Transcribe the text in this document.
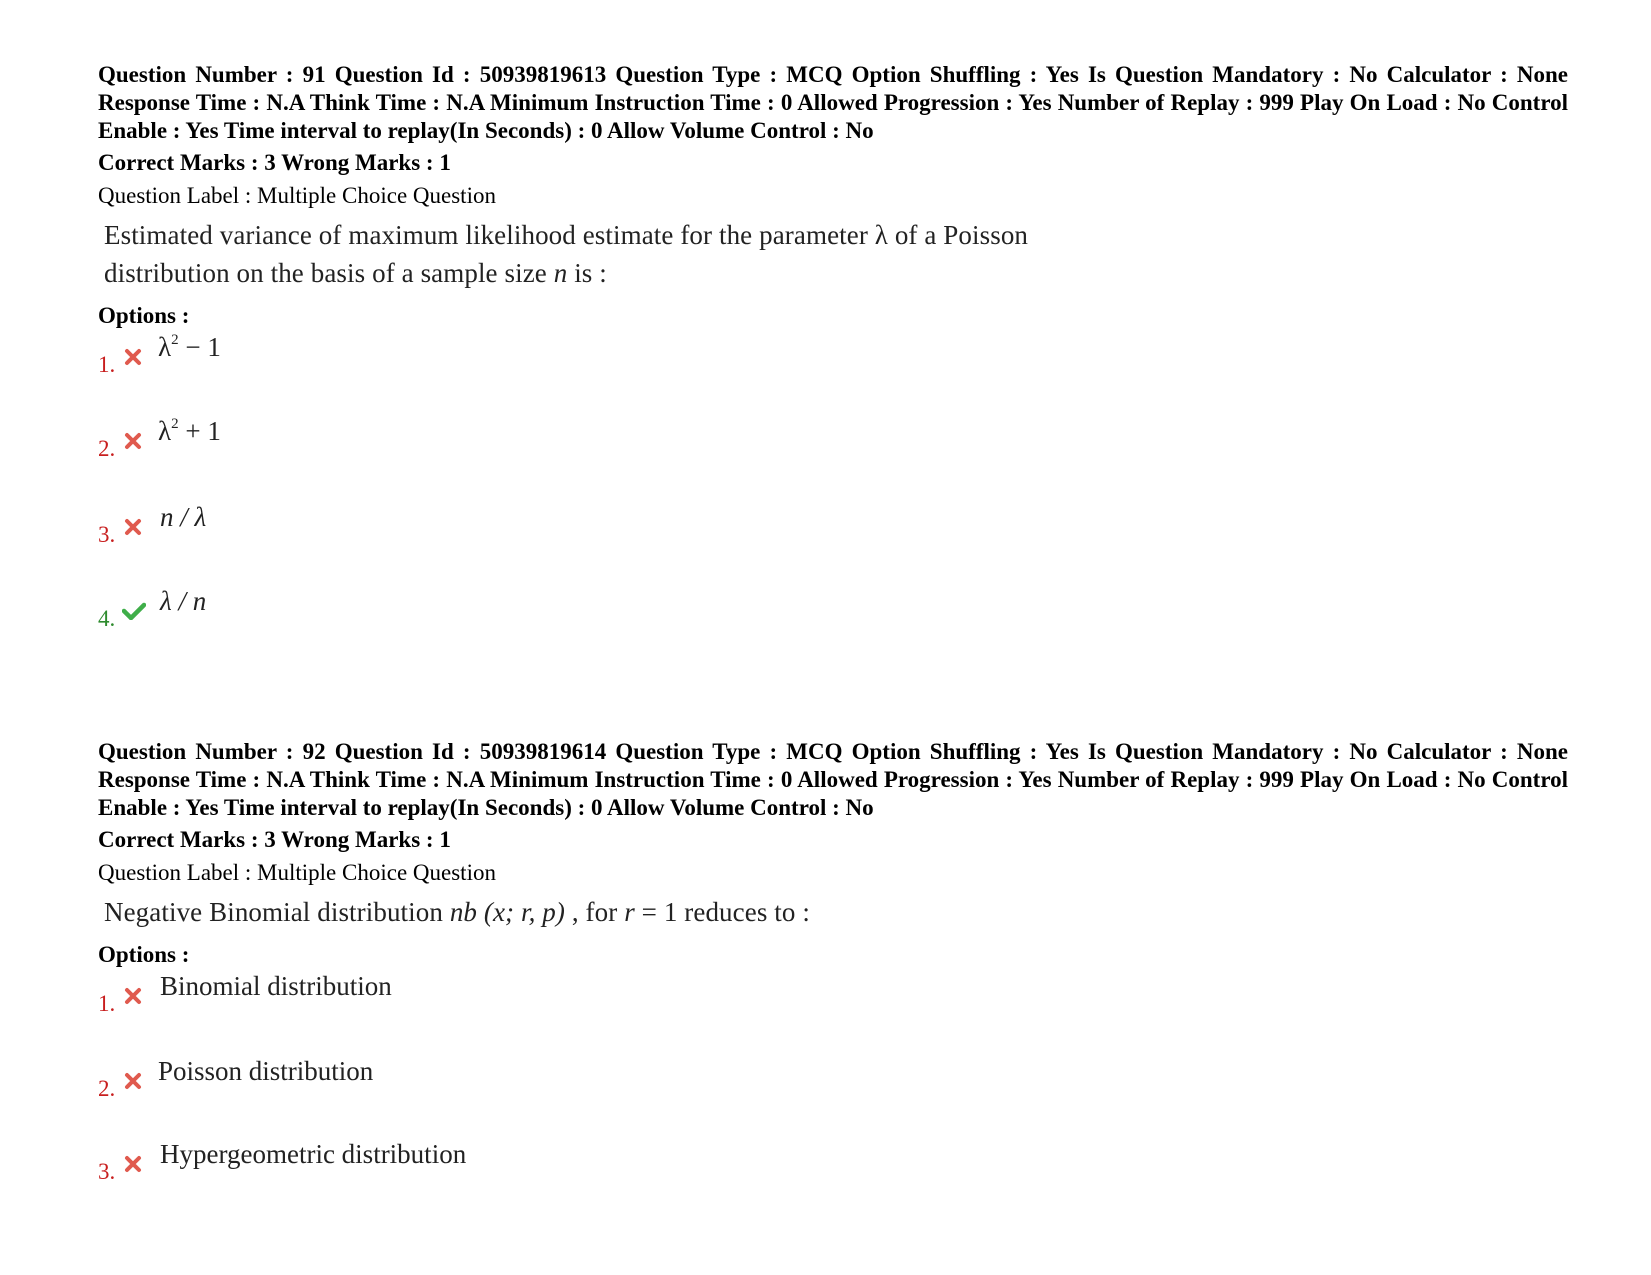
Question Number : 91 Question Id : 50939819613 Question Type : MCQ Option Shuffling : Yes Is Question Mandatory : No Calculator : None Response Time : N.A Think Time : N.A Minimum Instruction Time : 0 Allowed Progression : Yes Number of Replay : 999 Play On Load : No Control Enable : Yes Time interval to replay(In Seconds) : 0 Allow Volume Control : No

Correct Marks : 3 Wrong Marks : 1

Question Label : Multiple Choice Question

Estimated variance of maximum likelihood estimate for the parameter λ of a Poisson
distribution on the basis of a sample size n is :

Options :

1.
$\lambda^2 - 1$
2.
$\lambda^2 + 1$
3.
n / λ
4.
λ / n

Question Number : 92 Question Id : 50939819614 Question Type : MCQ Option Shuffling : Yes Is Question Mandatory : No Calculator : None Response Time : N.A Think Time : N.A Minimum Instruction Time : 0 Allowed Progression : Yes Number of Replay : 999 Play On Load : No Control Enable : Yes Time interval to replay(In Seconds) : 0 Allow Volume Control : No

Correct Marks : 3 Wrong Marks : 1

Question Label : Multiple Choice Question

Negative Binomial distribution nb (x; r, p) , for r = 1 reduces to :

Options :

1.
Binomial distribution
2.
Poisson distribution
3.
Hypergeometric distribution
